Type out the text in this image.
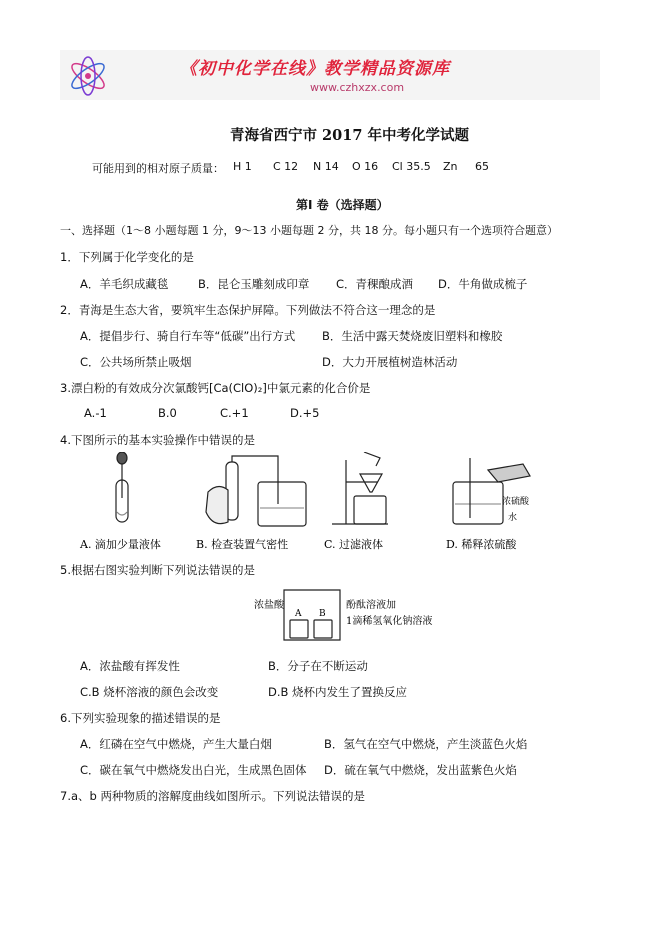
《初中化学在线》教学精品资源库
www.czhxzx.com
青海省西宁市 2017 年中考化学试题
可能用到的相对原子质量： H 1 C 12 N 14 O 16 Cl 35.5 Zn 65
第Ⅰ 卷（选择题）
一、选择题（1～8 小题每题 1 分，9～13 小题每题 2 分，共 18 分。每小题只有一个选项符合题意）
1．下列属于化学变化的是
A．羊毛织成藏毯	B．昆仑玉雕刻成印章 C．青稞酿成酒 D．牛角做成梳子
2．青海是生态大省，要筑牢生态保护屏障。下列做法不符合这一理念的是
A．提倡步行、骑自行车等“低碳”出行方式 B．生活中露天焚烧废旧塑料和橡胶
C．公共场所禁止吸烟	D．大力开展植树造林活动
3.漂白粉的有效成分次氯酸钙[Ca(ClO)₂]中氯元素的化合价是
A.-1	B.0	C.+1	D.+5
4.下图所示的基本实验操作中错误的是
A. 滴加少量液体	B. 检查装置气密性	C. 过滤液体	D. 稀释浓硫酸
浓硫酸
水
5.根据右图实验判断下列说法错误的是
浓盐酸
A B
酚酞溶液加
1滴稀氢氧化钠溶液
A．浓盐酸有挥发性	B．分子在不断运动
C.B 烧杯溶液的颜色会改变	D.B 烧杯内发生了置换反应
6.下列实验现象的描述错误的是
A．红磷在空气中燃烧，产生大量白烟	B．氢气在空气中燃烧，产生淡蓝色火焰
C．碳在氧气中燃烧发出白光，生成黑色固体 D．硫在氧气中燃烧，发出蓝紫色火焰
7.a、b 两种物质的溶解度曲线如图所示。下列说法错误的是
